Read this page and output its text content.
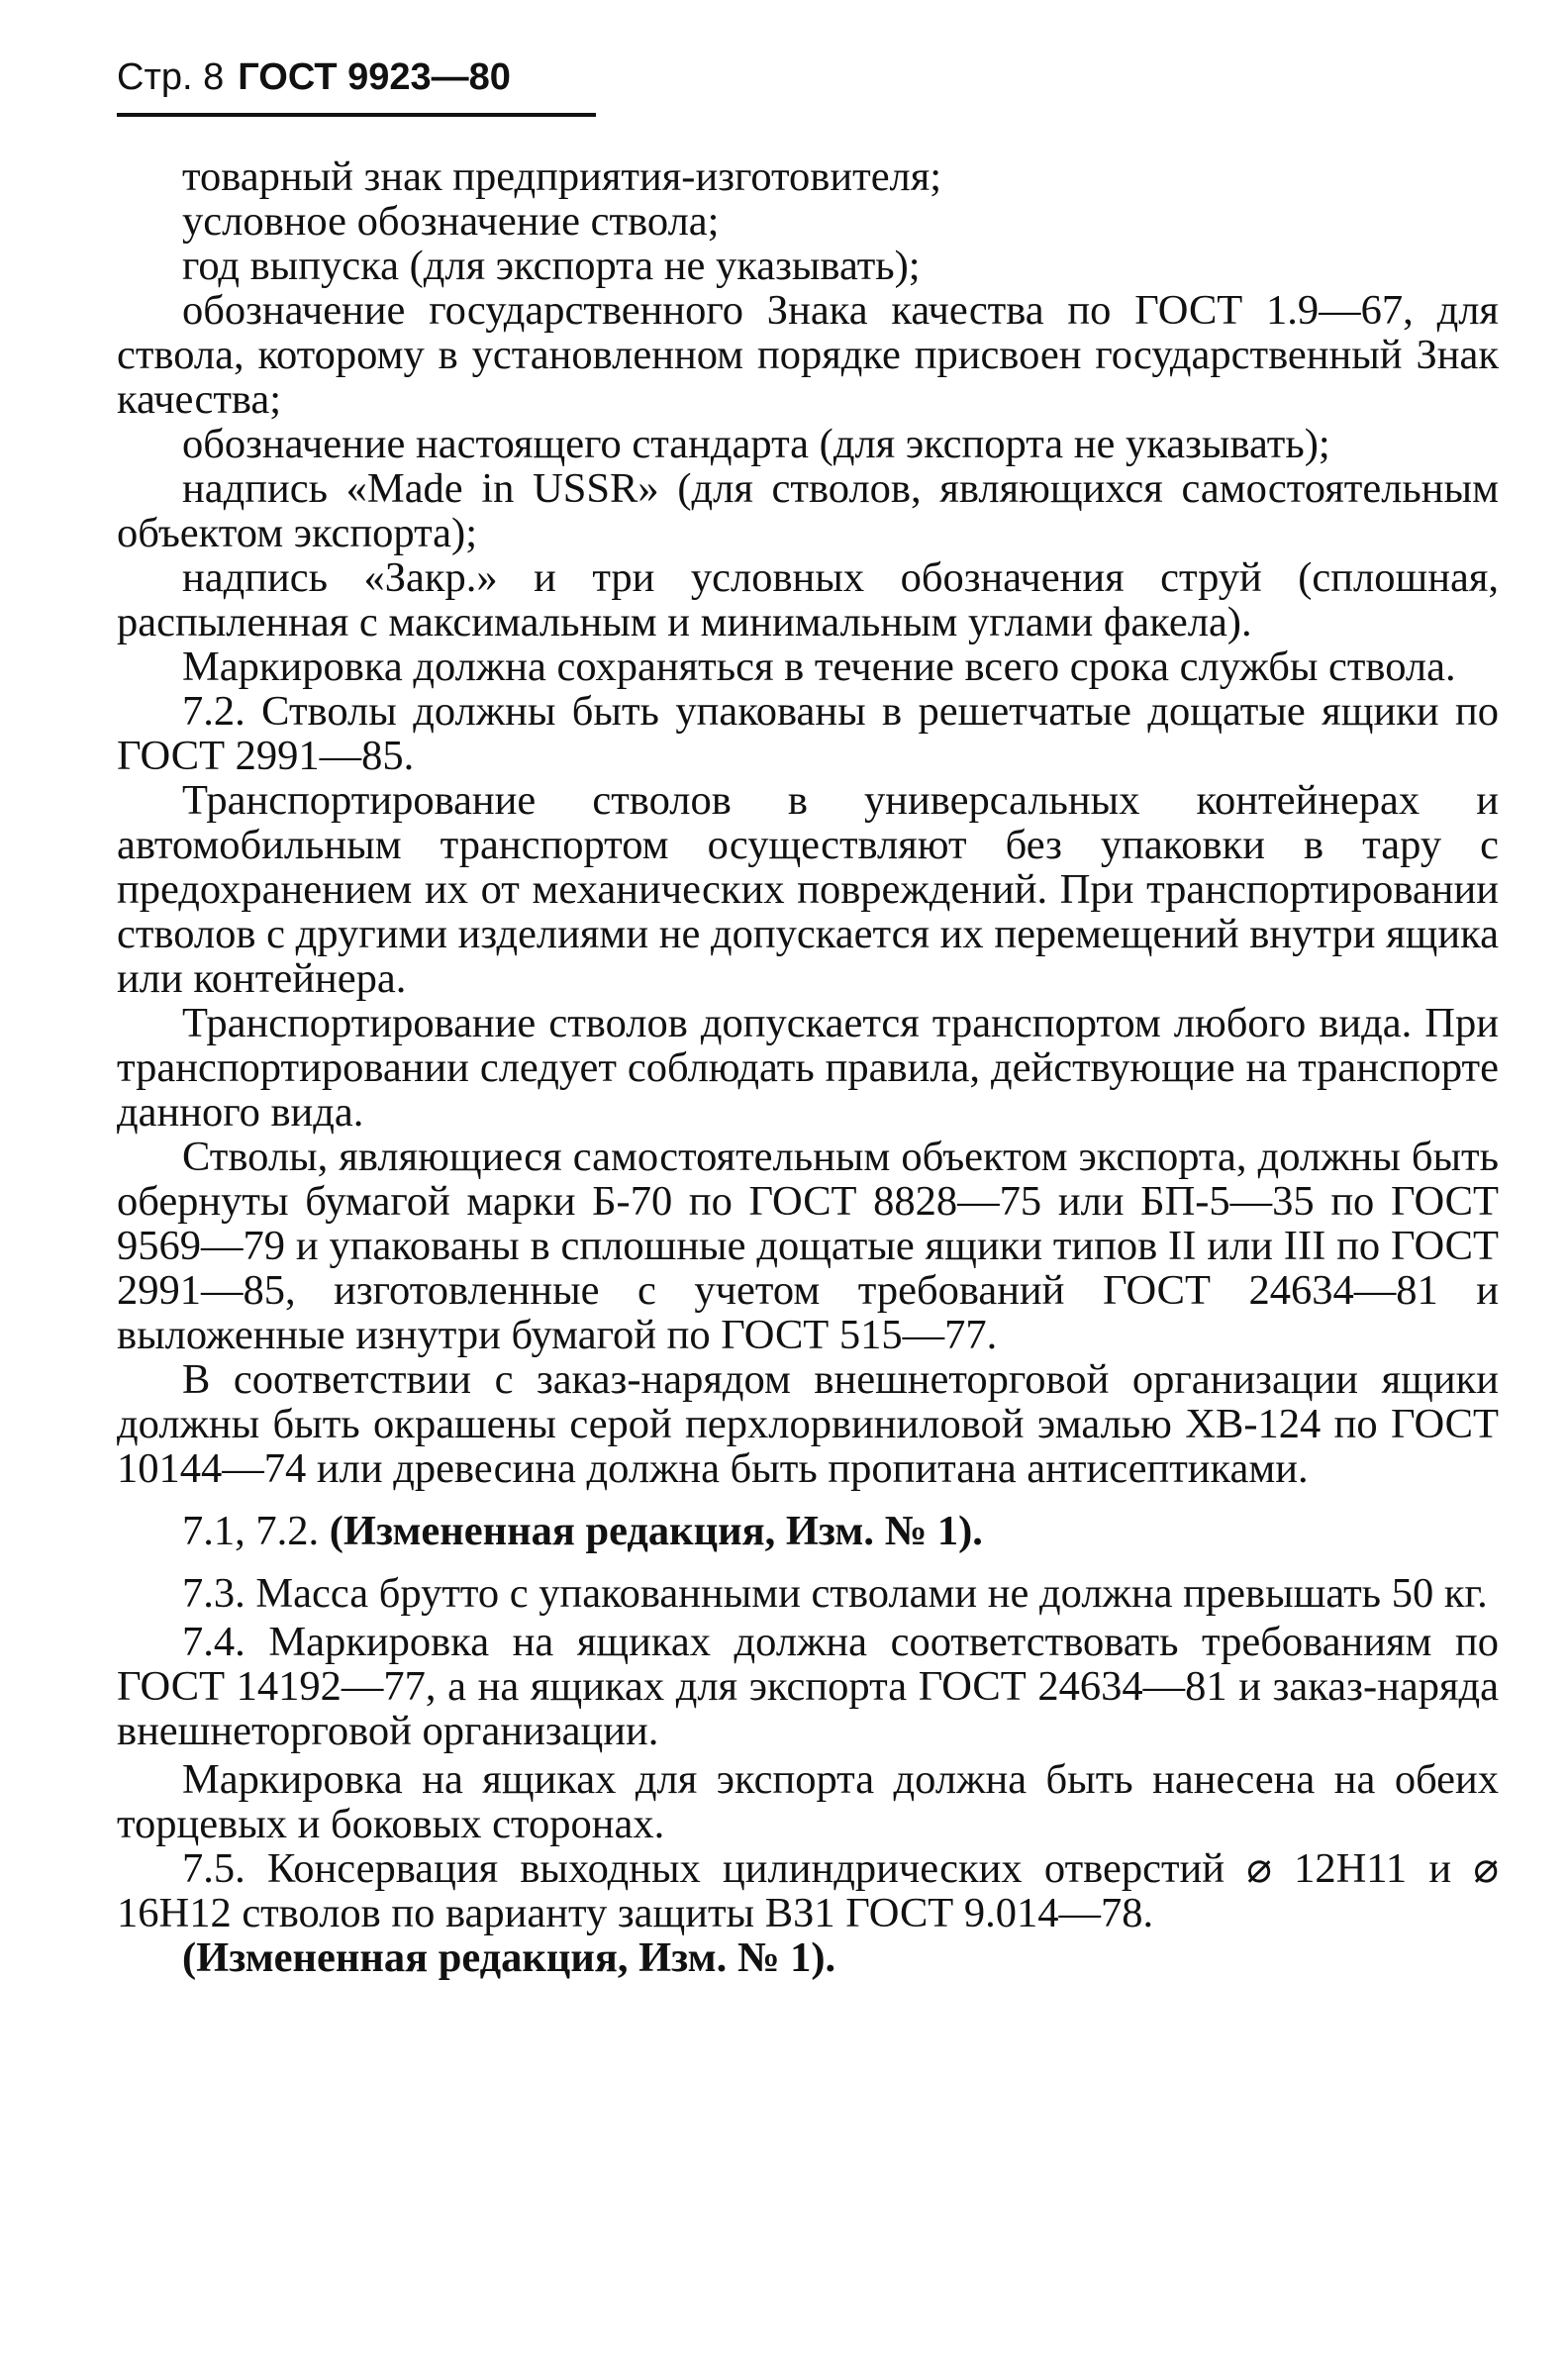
Стр. 8 ГОСТ 9923—80

товарный знак предприятия-изготовителя;

условное обозначение ствола;

год выпуска (для экспорта не указывать);

обозначение государственного Знака качества по ГОСТ 1.9—67, для ствола, которому в установленном порядке присвоен государственный Знак качества;

обозначение настоящего стандарта (для экспорта не указывать);

надпись «Made in USSR» (для стволов, являющихся самостоятельным объектом экспорта);

надпись «Закр.» и три условных обозначения струй (сплошная, распыленная с максимальным и минимальным углами факела).

Маркировка должна сохраняться в течение всего срока службы ствола.

7.2. Стволы должны быть упакованы в решетчатые дощатые ящики по ГОСТ 2991—85.

Транспортирование стволов в универсальных контейнерах и автомобильным транспортом осуществляют без упаковки в тару с предохранением их от механических повреждений. При транспортировании стволов с другими изделиями не допускается их перемещений внутри ящика или контейнера.

Транспортирование стволов допускается транспортом любого вида. При транспортировании следует соблюдать правила, действующие на транспорте данного вида.

Стволы, являющиеся самостоятельным объектом экспорта, должны быть обернуты бумагой марки Б-70 по ГОСТ 8828—75 или БП-5—35 по ГОСТ 9569—79 и упакованы в сплошные дощатые ящики типов II или III по ГОСТ 2991—85, изготовленные с учетом требований ГОСТ 24634—81 и выложенные изнутри бумагой по ГОСТ 515—77.

В соответствии с заказ-нарядом внешнеторговой организации ящики должны быть окрашены серой перхлорвиниловой эмалью ХВ-124 по ГОСТ 10144—74 или древесина должна быть пропитана антисептиками.

7.1, 7.2. (Измененная редакция, Изм. № 1).

7.3. Масса брутто с упакованными стволами не должна превышать 50 кг.

7.4. Маркировка на ящиках должна соответствовать требованиям по ГОСТ 14192—77, а на ящиках для экспорта ГОСТ 24634—81 и заказ-наряда внешнеторговой организации.

Маркировка на ящиках для экспорта должна быть нанесена на обеих торцевых и боковых сторонах.

7.5. Консервация выходных цилиндрических отверстий ⌀ 12Н11 и ⌀ 16Н12 стволов по варианту защиты ВЗ1 ГОСТ 9.014—78.

(Измененная редакция, Изм. № 1).
